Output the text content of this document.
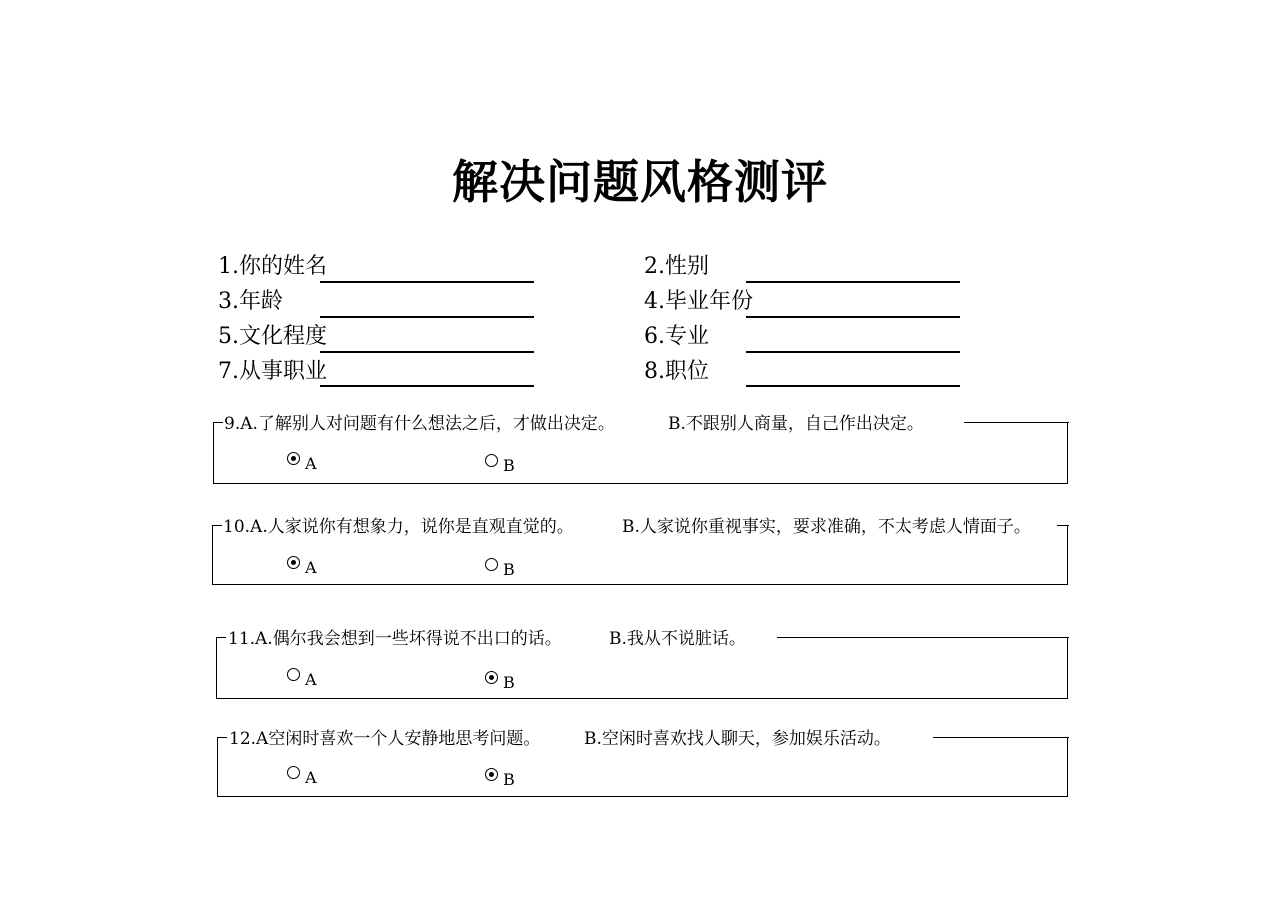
解决问题风格测评
1.你的姓名	2.性别
3.年龄	4.毕业年份
5.文化程度	6.专业
7.从事职业	8.职位
9.A.了解别人对问题有什么想法之后，才做出决定。	B.不跟别人商量，自己作出决定。
A	B
10.A.人家说你有想象力，说你是直观直觉的。	B.人家说你重视事实，要求准确，不太考虑人情面子。
A	B
11.A.偶尔我会想到一些坏得说不出口的话。	B.我从不说脏话。
A	B
12.A空闲时喜欢一个人安静地思考问题。	B.空闲时喜欢找人聊天，参加娱乐活动。
A	B
